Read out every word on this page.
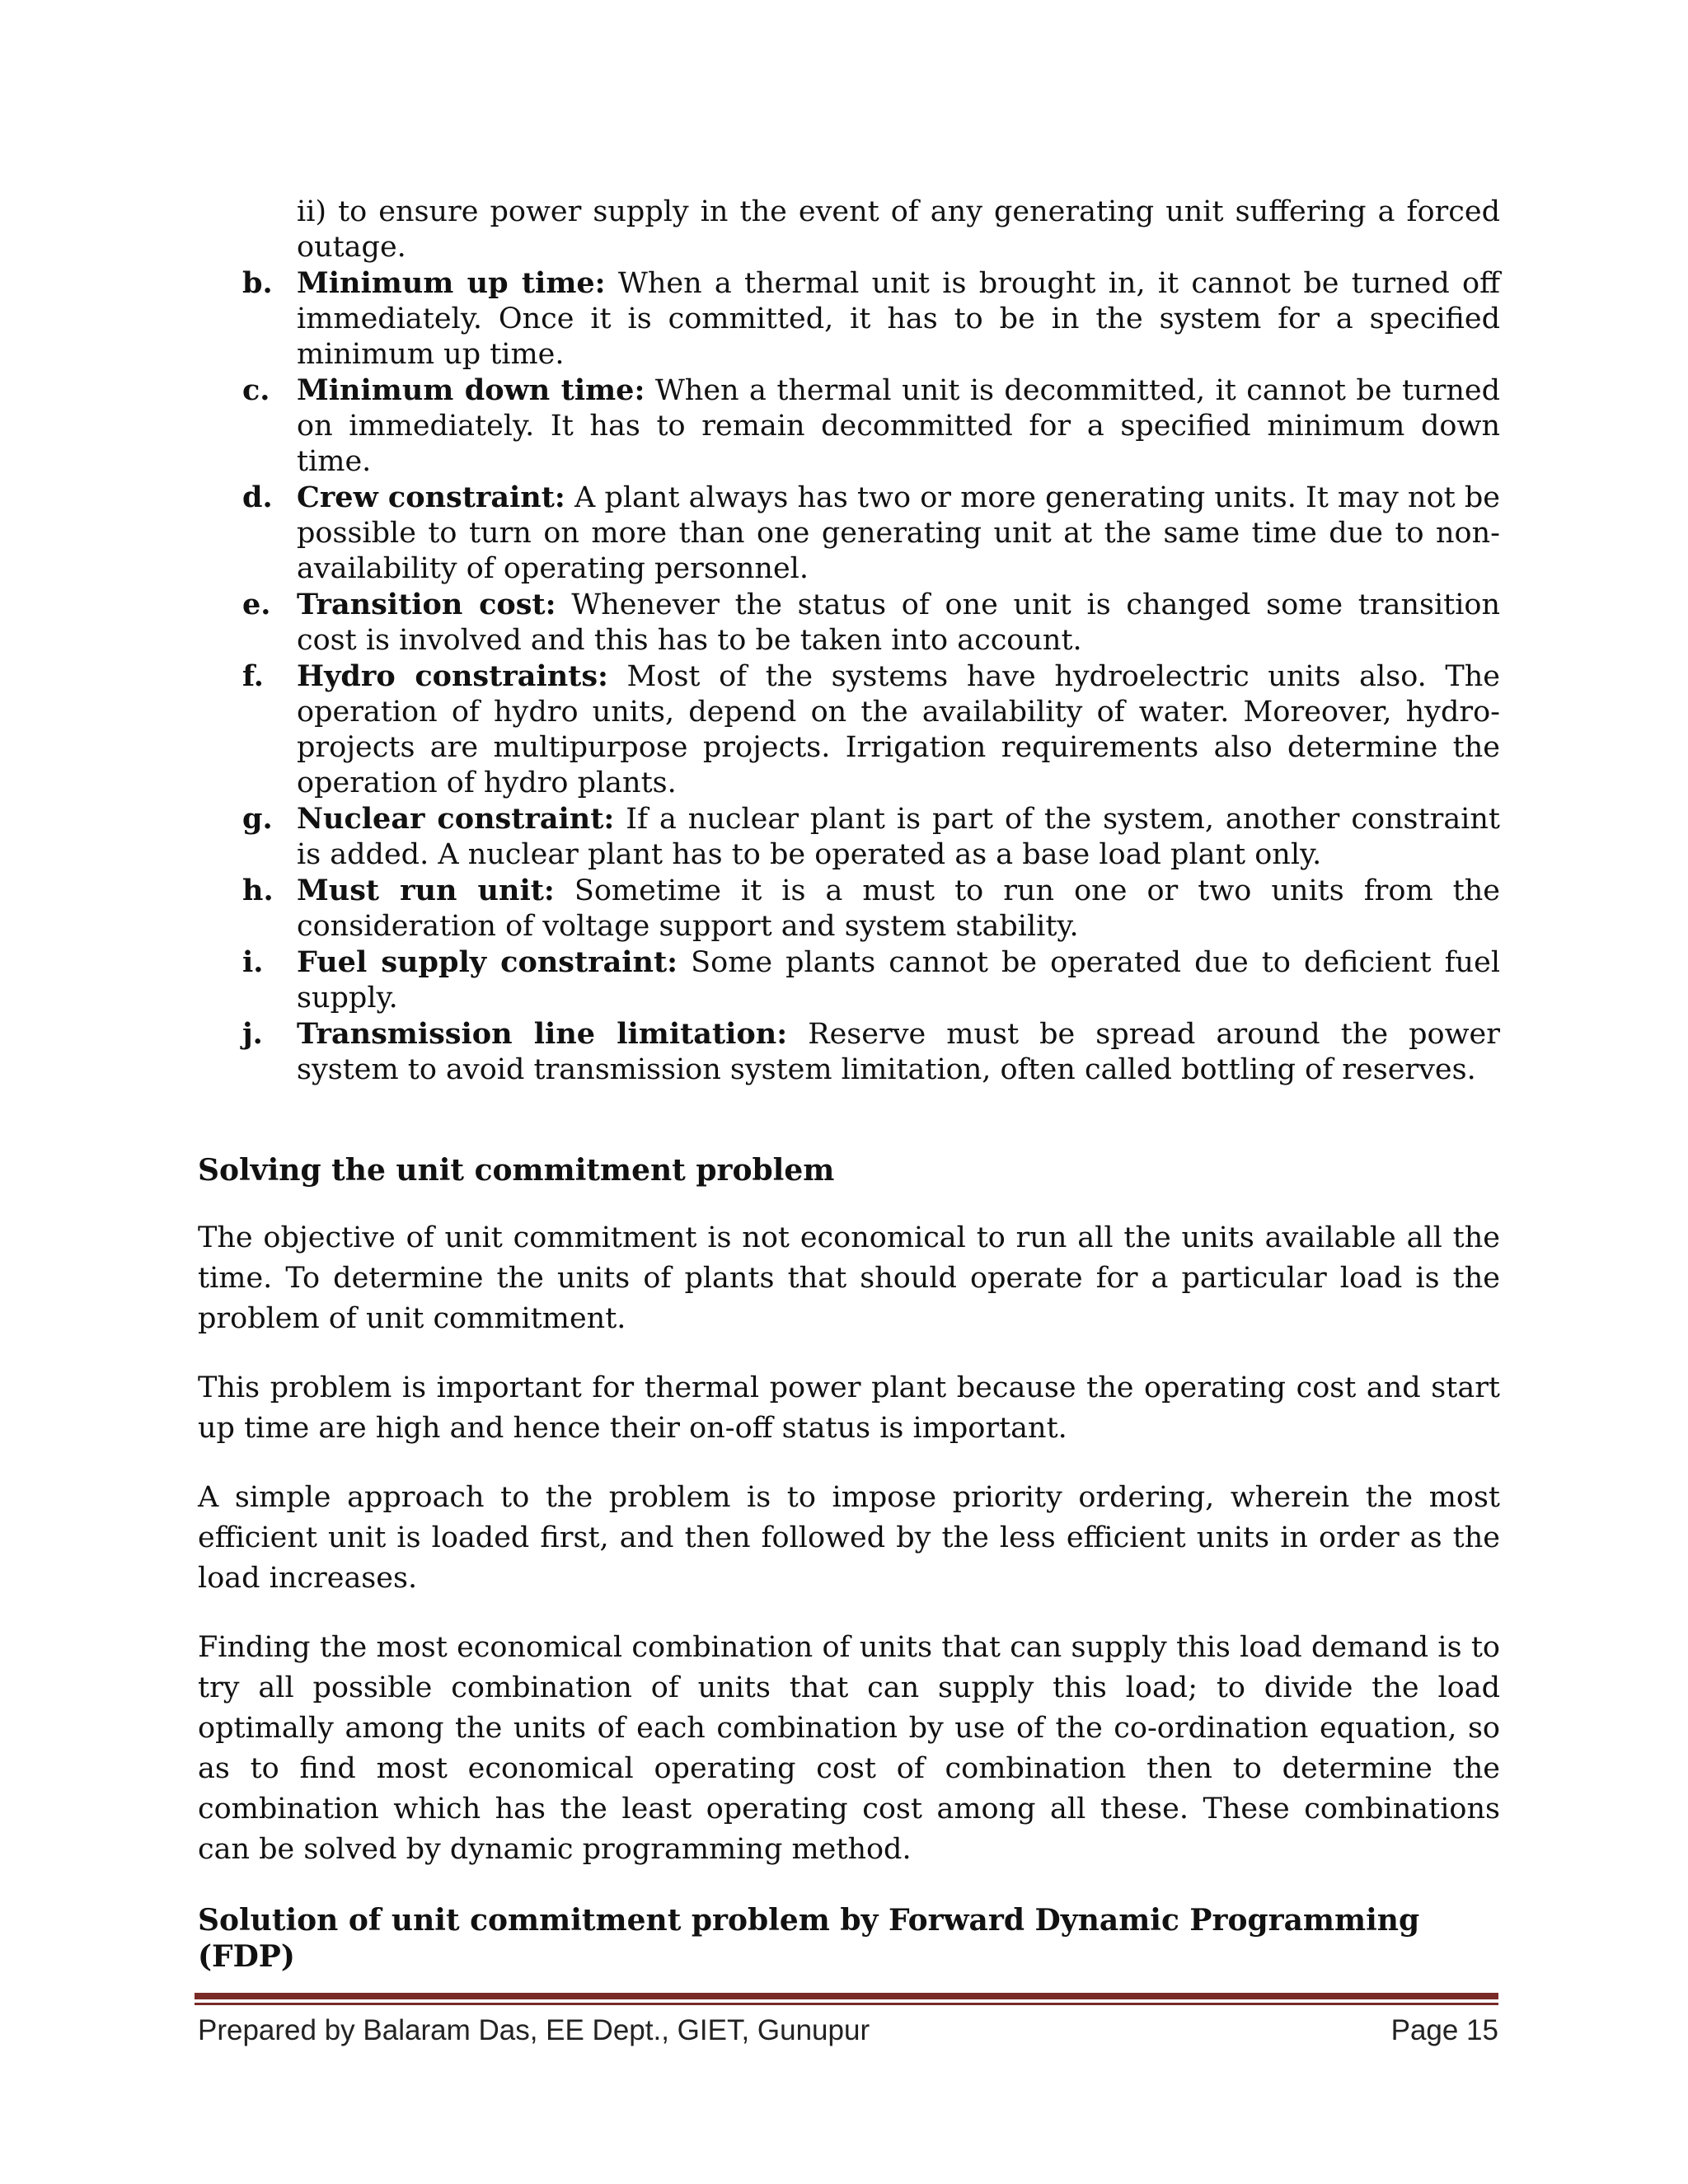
ii) to ensure power supply in the event of any generating unit suffering a forced outage.
b. Minimum up time: When a thermal unit is brought in, it cannot be turned off immediately. Once it is committed, it has to be in the system for a specified minimum up time.
c. Minimum down time: When a thermal unit is decommitted, it cannot be turned on immediately. It has to remain decommitted for a specified minimum down time.
d. Crew constraint: A plant always has two or more generating units. It may not be possible to turn on more than one generating unit at the same time due to non-availability of operating personnel.
e. Transition cost: Whenever the status of one unit is changed some transition cost is involved and this has to be taken into account.
f. Hydro constraints: Most of the systems have hydroelectric units also. The operation of hydro units, depend on the availability of water. Moreover, hydro-projects are multipurpose projects. Irrigation requirements also determine the operation of hydro plants.
g. Nuclear constraint: If a nuclear plant is part of the system, another constraint is added. A nuclear plant has to be operated as a base load plant only.
h. Must run unit: Sometime it is a must to run one or two units from the consideration of voltage support and system stability.
i. Fuel supply constraint: Some plants cannot be operated due to deficient fuel supply.
j. Transmission line limitation: Reserve must be spread around the power system to avoid transmission system limitation, often called bottling of reserves.

Solving the unit commitment problem

The objective of unit commitment is not economical to run all the units available all the time. To determine the units of plants that should operate for a particular load is the problem of unit commitment.

This problem is important for thermal power plant because the operating cost and start up time are high and hence their on-off status is important.

A simple approach to the problem is to impose priority ordering, wherein the most efficient unit is loaded first, and then followed by the less efficient units in order as the load increases.

Finding the most economical combination of units that can supply this load demand is to try all possible combination of units that can supply this load; to divide the load optimally among the units of each combination by use of the co-ordination equation, so as to find most economical operating cost of combination then to determine the combination which has the least operating cost among all these. These combinations can be solved by dynamic programming method.

Solution of unit commitment problem by Forward Dynamic Programming (FDP)

Prepared by Balaram Das, EE Dept., GIET, Gunupur	Page 15
